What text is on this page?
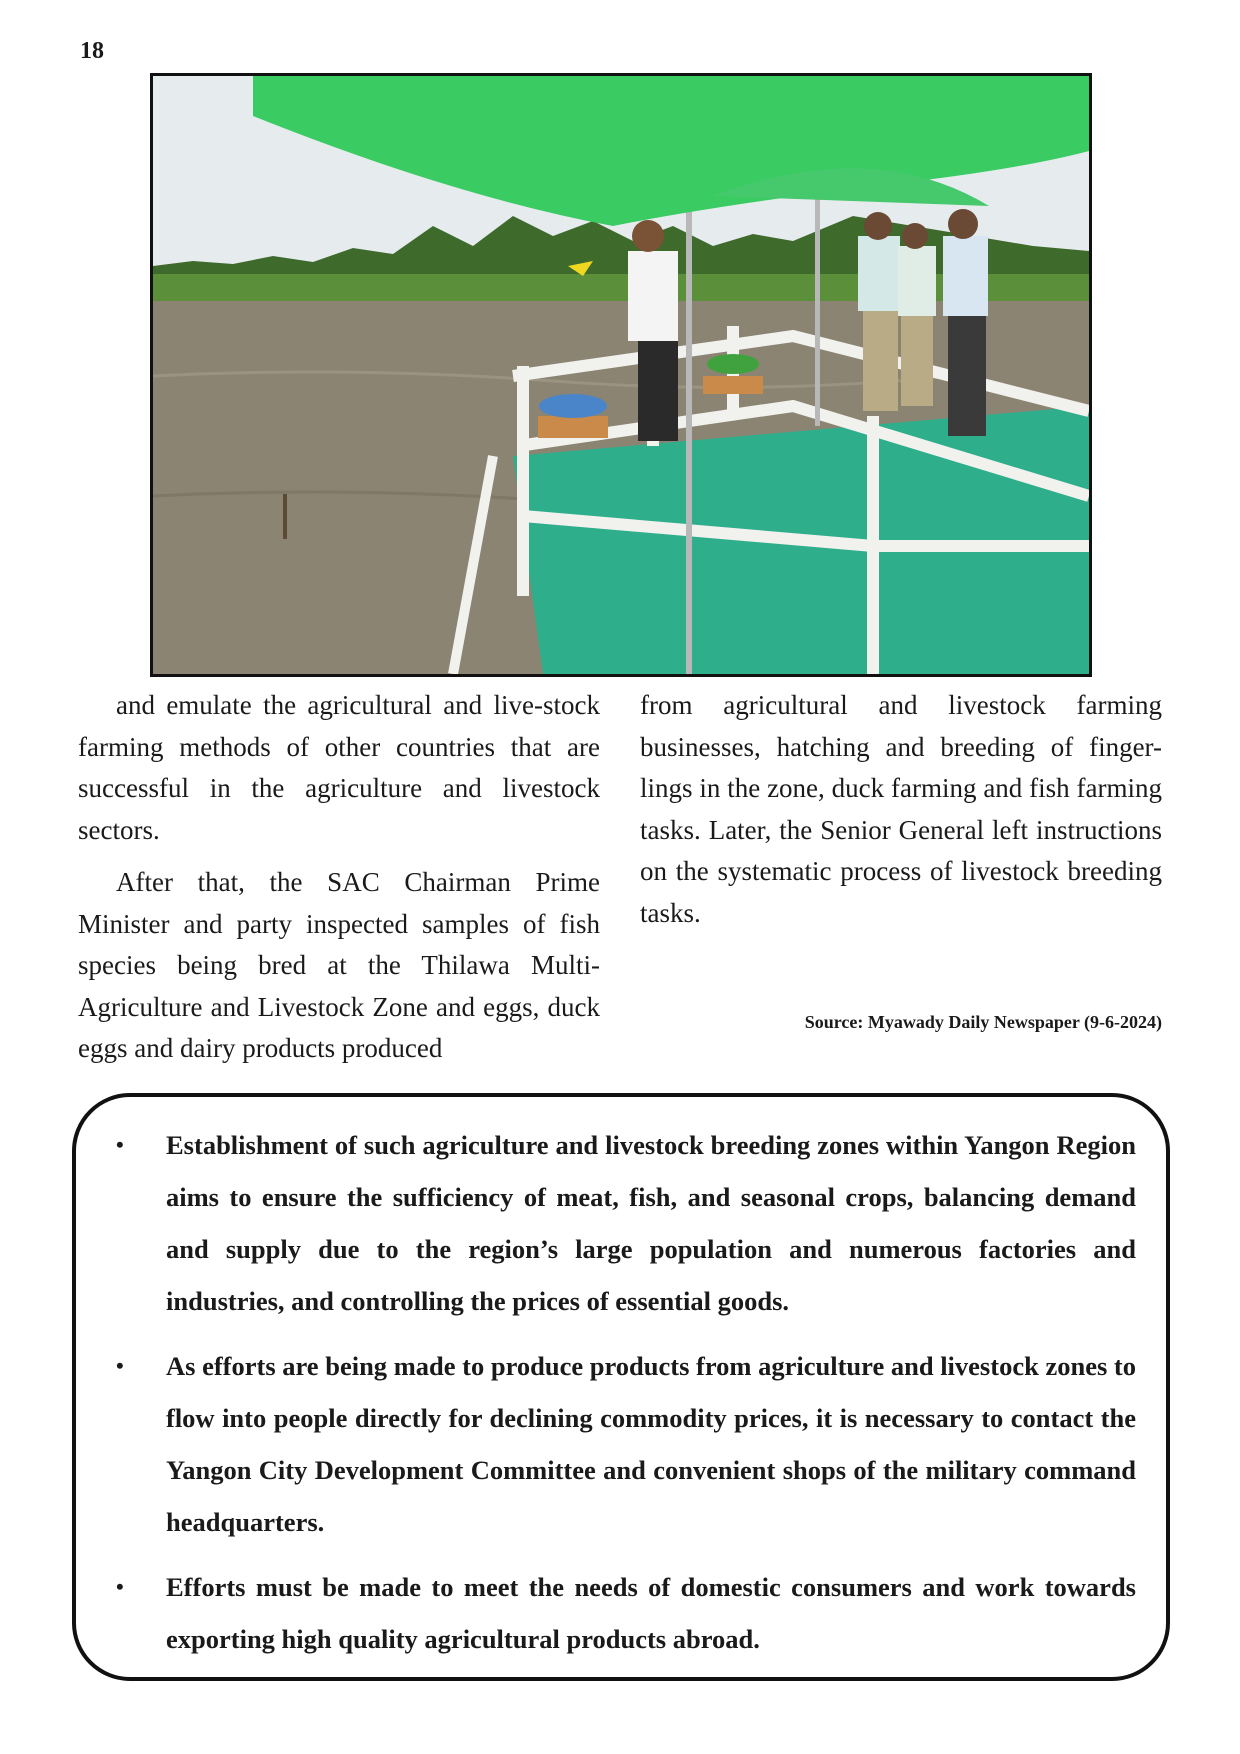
18

and emulate the agricultural and live-stock farming methods of other countries that are successful in the agriculture and livestock sectors.

After that, the SAC Chairman Prime Minister and party inspected samples of fish species being bred at the Thilawa Multi-Agriculture and Livestock Zone and eggs, duck eggs and dairy products produced

from agricultural and livestock farming businesses, hatching and breeding of finger-lings in the zone, duck farming and fish farming tasks. Later, the Senior General left instructions on the systematic process of livestock breeding tasks.

Source: Myawady Daily Newspaper (9-6-2024)
• Establishment of such agriculture and livestock breeding zones within Yangon Region aims to ensure the sufficiency of meat, fish, and seasonal crops, balancing demand and supply due to the region’s large population and numerous factories and industries, and controlling the prices of essential goods.
• As efforts are being made to produce products from agriculture and livestock zones to flow into people directly for declining commodity prices, it is necessary to contact the Yangon City Development Committee and convenient shops of the military command headquarters.
• Efforts must be made to meet the needs of domestic consumers and work towards exporting high quality agricultural products abroad.
